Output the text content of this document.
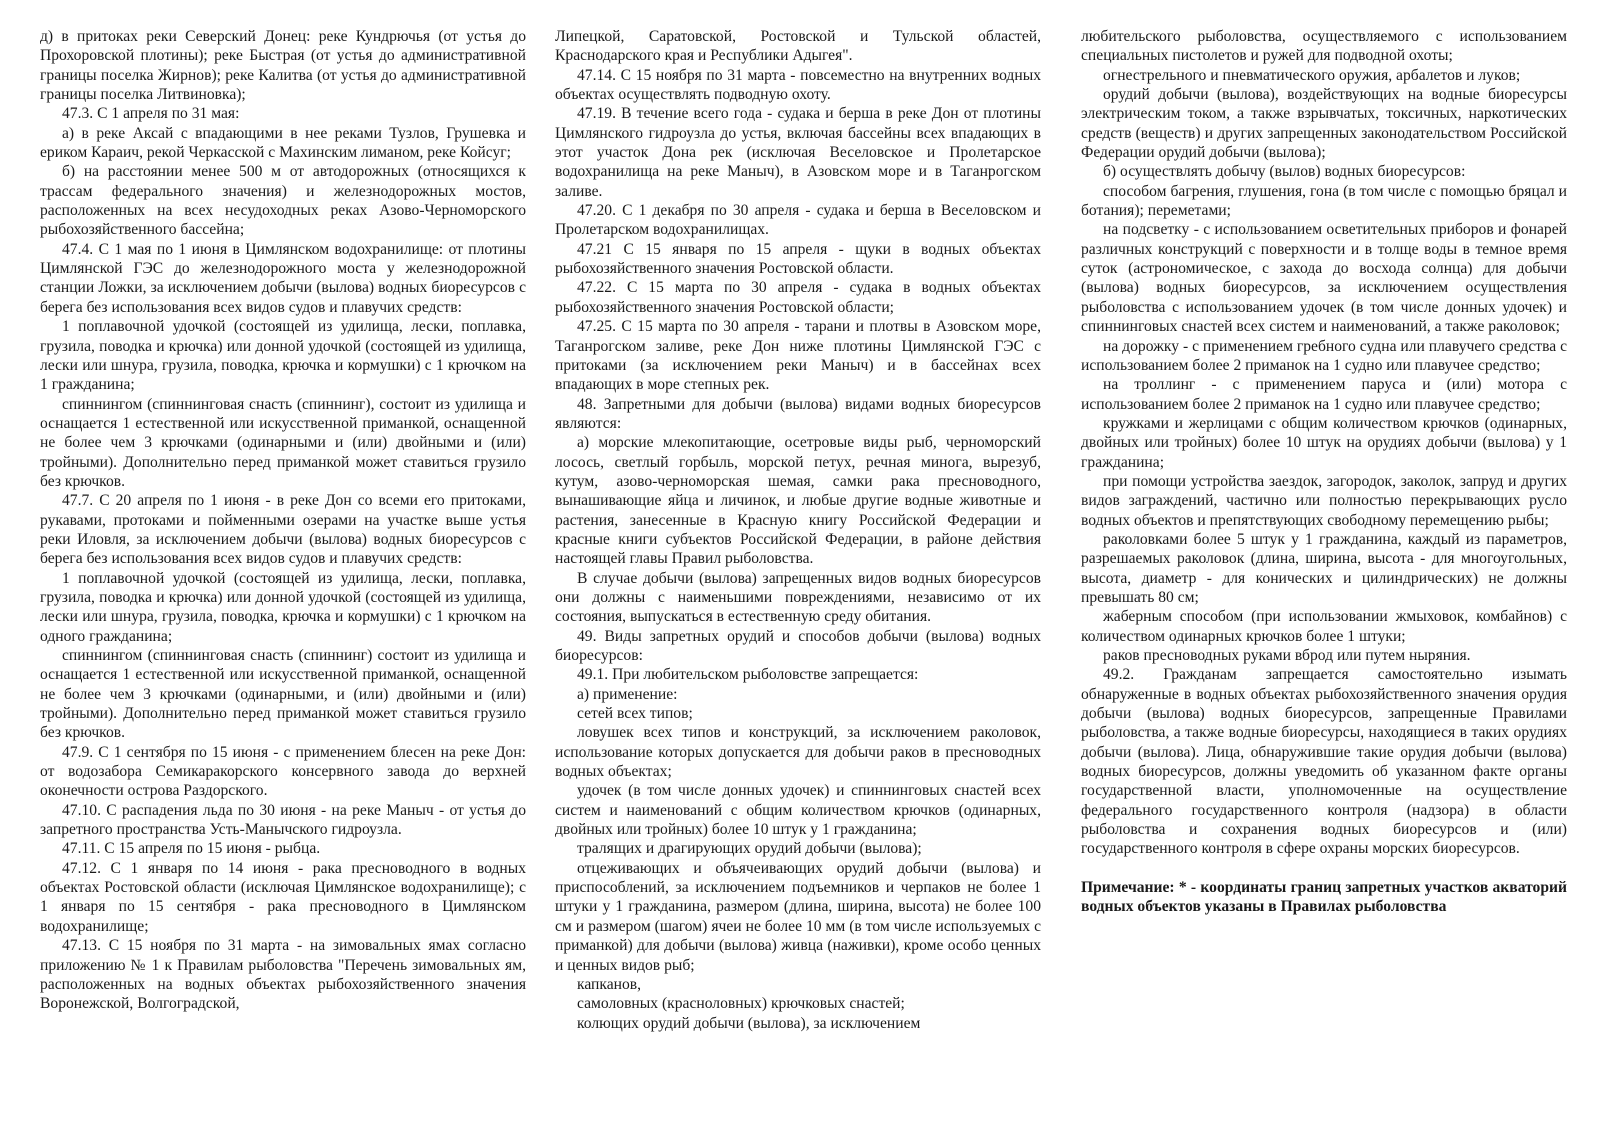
д) в притоках реки Северский Донец: реке Кундрючья (от устья до Прохоровской плотины); реке Быстрая (от устья до административной границы поселка Жирнов); реке Калитва (от устья до административной границы поселка Литвиновка);

47.3. С 1 апреля по 31 мая:

а) в реке Аксай с впадающими в нее реками Тузлов, Грушевка и ериком Караич, рекой Черкасской с Махинским лиманом, реке Койсуг;

б) на расстоянии менее 500 м от автодорожных (относящихся к трассам федерального значения) и железнодорожных мостов, расположенных на всех несудоходных реках Азово-Черноморского рыбохозяйственного бассейна;

47.4. С 1 мая по 1 июня в Цимлянском водохранилище: от плотины Цимлянской ГЭС до железнодорожного моста у железнодорожной станции Ложки, за исключением добычи (вылова) водных биоресурсов с берега без использования всех видов судов и плавучих средств:

1 поплавочной удочкой (состоящей из удилища, лески, поплавка, грузила, поводка и крючка) или донной удочкой (состоящей из удилища, лески или шнура, грузила, поводка, крючка и кормушки) с 1 крючком на 1 гражданина;

спиннингом (спиннинговая снасть (спиннинг), состоит из удилища и оснащается 1 естественной или искусственной приманкой, оснащенной не более чем 3 крючками (одинарными и (или) двойными и (или) тройными). Дополнительно перед приманкой может ставиться грузило без крючков.

47.7. С 20 апреля по 1 июня - в реке Дон со всеми его притоками, рукавами, протоками и пойменными озерами на участке выше устья реки Иловля, за исключением добычи (вылова) водных биоресурсов с берега без использования всех видов судов и плавучих средств:

1 поплавочной удочкой (состоящей из удилища, лески, поплавка, грузила, поводка и крючка) или донной удочкой (состоящей из удилища, лески или шнура, грузила, поводка, крючка и кормушки) с 1 крючком на одного гражданина;

спиннингом (спиннинговая снасть (спиннинг) состоит из удилища и оснащается 1 естественной или искусственной приманкой, оснащенной не более чем 3 крючками (одинарными, и (или) двойными и (или) тройными). Дополнительно перед приманкой может ставиться грузило без крючков.

47.9. С 1 сентября по 15 июня - с применением блесен на реке Дон: от водозабора Семикаракорского консервного завода до верхней оконечности острова Раздорского.

47.10. С распадения льда по 30 июня - на реке Маныч - от устья до запретного пространства Усть-Манычского гидроузла.

47.11. С 15 апреля по 15 июня - рыбца.

47.12. С 1 января по 14 июня - рака пресноводного в водных объектах Ростовской области (исключая Цимлянское водохранилище); с 1 января по 15 сентября - рака пресноводного в Цимлянском водохранилище;

47.13. С 15 ноября по 31 марта - на зимовальных ямах согласно приложению № 1 к Правилам рыболовства "Перечень зимовальных ям, расположенных на водных объектах рыбохозяйственного значения Воронежской, Волгоградской,

Липецкой, Саратовской, Ростовской и Тульской областей, Краснодарского края и Республики Адыгея".

47.14. С 15 ноября по 31 марта - повсеместно на внутренних водных объектах осуществлять подводную охоту.

47.19. В течение всего года - судака и берша в реке Дон от плотины Цимлянского гидроузла до устья, включая бассейны всех впадающих в этот участок Дона рек (исключая Веселовское и Пролетарское водохранилища на реке Маныч), в Азовском море и в Таганрогском заливе.

47.20. С 1 декабря по 30 апреля - судака и берша в Веселовском и Пролетарском водохранилищах.

47.21 С 15 января по 15 апреля - щуки в водных объектах рыбохозяйственного значения Ростовской области.

47.22. С 15 марта по 30 апреля - судака в водных объектах рыбохозяйственного значения Ростовской области;

47.25. С 15 марта по 30 апреля - тарани и плотвы в Азовском море, Таганрогском заливе, реке Дон ниже плотины Цимлянской ГЭС с притоками (за исключением реки Маныч) и в бассейнах всех впадающих в море степных рек.

48. Запретными для добычи (вылова) видами водных биоресурсов являются:

а) морские млекопитающие, осетровые виды рыб, черноморский лосось, светлый горбыль, морской петух, речная минога, вырезуб, кутум, азово-черноморская шемая, самки рака пресноводного, вынашивающие яйца и личинок, и любые другие водные животные и растения, занесенные в Красную книгу Российской Федерации и красные книги субъектов Российской Федерации, в районе действия настоящей главы Правил рыболовства.

В случае добычи (вылова) запрещенных видов водных биоресурсов они должны с наименьшими повреждениями, независимо от их состояния, выпускаться в естественную среду обитания.

49. Виды запретных орудий и способов добычи (вылова) водных биоресурсов:

49.1. При любительском рыболовстве запрещается:

а) применение:

сетей всех типов;

ловушек всех типов и конструкций, за исключением раколовок, использование которых допускается для добычи раков в пресноводных водных объектах;

удочек (в том числе донных удочек) и спиннинговых снастей всех систем и наименований с общим количеством крючков (одинарных, двойных или тройных) более 10 штук у 1 гражданина;

тралящих и драгирующих орудий добычи (вылова);

отцеживающих и объячеивающих орудий добычи (вылова) и приспособлений, за исключением подъемников и черпаков не более 1 штуки у 1 гражданина, размером (длина, ширина, высота) не более 100 см и размером (шагом) ячеи не более 10 мм (в том числе используемых с приманкой) для добычи (вылова) живца (наживки), кроме особо ценных и ценных видов рыб;

капканов,

самоловных (красноловных) крючковых снастей;

колющих орудий добычи (вылова), за исключением

любительского рыболовства, осуществляемого с использованием специальных пистолетов и ружей для подводной охоты;

огнестрельного и пневматического оружия, арбалетов и луков;

орудий добычи (вылова), воздействующих на водные биоресурсы электрическим током, а также взрывчатых, токсичных, наркотических средств (веществ) и других запрещенных законодательством Российской Федерации орудий добычи (вылова);

б) осуществлять добычу (вылов) водных биоресурсов:

способом багрения, глушения, гона (в том числе с помощью бряцал и ботания); переметами;

на подсветку - с использованием осветительных приборов и фонарей различных конструкций с поверхности и в толще воды в темное время суток (астрономическое, с захода до восхода солнца) для добычи (вылова) водных биоресурсов, за исключением осуществления рыболовства с использованием удочек (в том числе донных удочек) и спиннинговых снастей всех систем и наименований, а также раколовок;

на дорожку - с применением гребного судна или плавучего средства с использованием более 2 приманок на 1 судно или плавучее средство;

на троллинг - с применением паруса и (или) мотора с использованием более 2 приманок на 1 судно или плавучее средство;

кружками и жерлицами с общим количеством крючков (одинарных, двойных или тройных) более 10 штук на орудиях добычи (вылова) у 1 гражданина;

при помощи устройства заездок, загородок, заколок, запруд и других видов заграждений, частично или полностью перекрывающих русло водных объектов и препятствующих свободному перемещению рыбы;

раколовками более 5 штук у 1 гражданина, каждый из параметров, разрешаемых раколовок (длина, ширина, высота - для многоугольных, высота, диаметр - для конических и цилиндрических) не должны превышать 80 см;

жаберным способом (при использовании жмыховок, комбайнов) с количеством одинарных крючков более 1 штуки;

раков пресноводных руками вброд или путем ныряния.

49.2. Гражданам запрещается самостоятельно изымать обнаруженные в водных объектах рыбохозяйственного значения орудия добычи (вылова) водных биоресурсов, запрещенные Правилами рыболовства, а также водные биоресурсы, находящиеся в таких орудиях добычи (вылова). Лица, обнаружившие такие орудия добычи (вылова) водных биоресурсов, должны уведомить об указанном факте органы государственной власти, уполномоченные на осуществление федерального государственного контроля (надзора) в области рыболовства и сохранения водных биоресурсов и (или) государственного контроля в сфере охраны морских биоресурсов.

Примечание: * - координаты границ запретных участков акваторий водных объектов указаны в Правилах рыболовства
